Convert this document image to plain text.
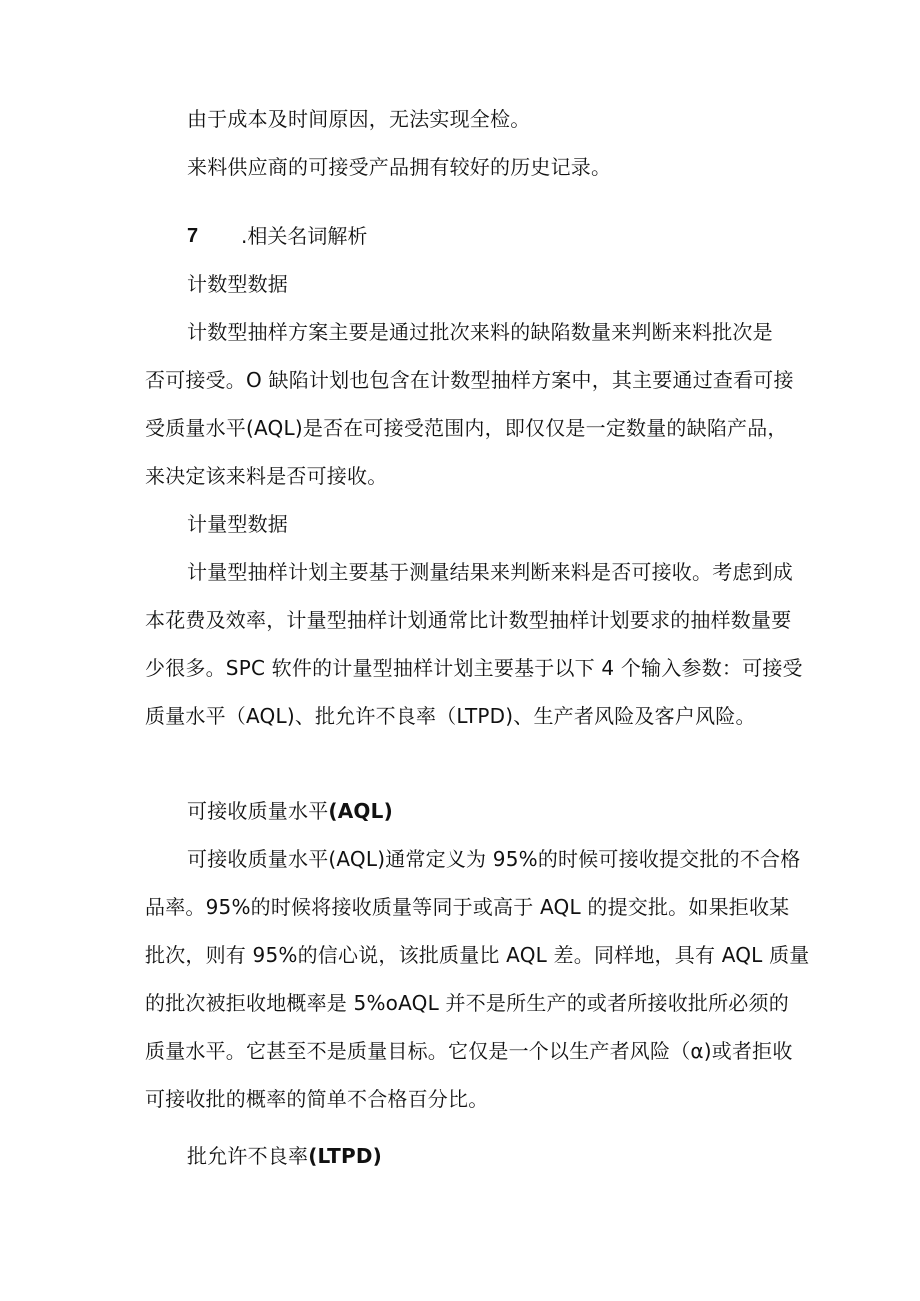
由于成本及时间原因，无法实现全检。
来料供应商的可接受产品拥有较好的历史记录。
7 .相关名词解析
计数型数据
计数型抽样方案主要是通过批次来料的缺陷数量来判断来料批次是
否可接受。O 缺陷计划也包含在计数型抽样方案中，其主要通过查看可接
受质量水平(AQL)是否在可接受范围内，即仅仅是一定数量的缺陷产品，
来决定该来料是否可接收。
计量型数据
计量型抽样计划主要基于测量结果来判断来料是否可接收。考虑到成
本花费及效率，计量型抽样计划通常比计数型抽样计划要求的抽样数量要
少很多。SPC 软件的计量型抽样计划主要基于以下 4 个输入参数：可接受
质量水平（AQL)、批允许不良率（LTPD)、生产者风险及客户风险。
可接收质量水平(AQL)
可接收质量水平(AQL)通常定义为 95%的时候可接收提交批的不合格
品率。95%的时候将接收质量等同于或高于 AQL 的提交批。如果拒收某
批次，则有 95%的信心说，该批质量比 AQL 差。同样地，具有 AQL 质量
的批次被拒收地概率是 5%oAQL 并不是所生产的或者所接收批所必须的
质量水平。它甚至不是质量目标。它仅是一个以生产者风险（α)或者拒收
可接收批的概率的简单不合格百分比。
批允许不良率(LTPD)
